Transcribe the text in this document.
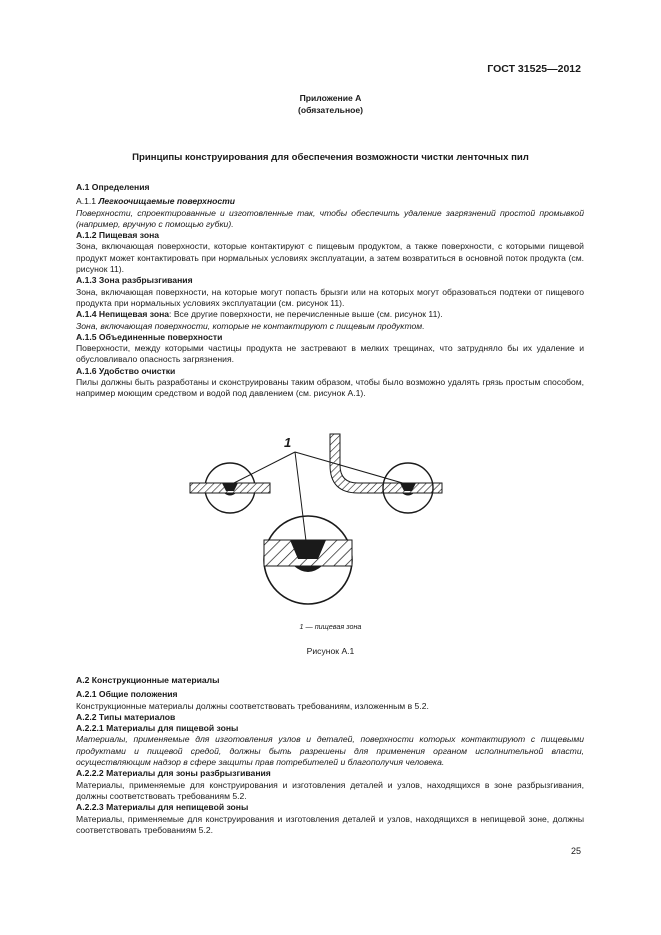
ГОСТ 31525—2012
Приложение А
(обязательное)
Принципы конструирования для обеспечения возможности чистки ленточных пил

А.1 Определения

А.1.1 Легкоочищаемые поверхности

Поверхности, спроектированные и изготовленные так, чтобы обеспечить удаление загрязнений простой промывкой (например, вручную с помощью губки).

А.1.2 Пищевая зона

Зона, включающая поверхности, которые контактируют с пищевым продуктом, а также поверхности, с которыми пищевой продукт может контактировать при нормальных условиях эксплуатации, а затем возвратиться в основной поток продукта (см. рисунок 11).

А.1.3 Зона разбрызгивания

Зона, включающая поверхности, на которые могут попасть брызги или на которых могут образоваться подтеки от пищевого продукта при нормальных условиях эксплуатации (см. рисунок 11).

А.1.4 Непищевая зона: Все другие поверхности, не перечисленные выше (см. рисунок 11).

Зона, включающая поверхности, которые не контактируют с пищевым продуктом.

А.1.5 Объединенные поверхности

Поверхности, между которыми частицы продукта не застревают в мелких трещинах, что затрудняло бы их удаление и обусловливало опасность загрязнения.

А.1.6 Удобство очистки

Пилы должны быть разработаны и сконструированы таким образом, чтобы было возможно удалять грязь простым способом, например моющим средством и водой под давлением (см. рисунок А.1).

1
1 — пищевая зона
Рисунок А.1

А.2 Конструкционные материалы

А.2.1 Общие положения

Конструкционные материалы должны соответствовать требованиям, изложенным в 5.2.

А.2.2 Типы материалов

А.2.2.1 Материалы для пищевой зоны

Материалы, применяемые для изготовления узлов и деталей, поверхности которых контактируют с пищевыми продуктами и пищевой средой, должны быть разрешены для применения органом исполнительной власти, осуществляющим надзор в сфере защиты прав потребителей и благополучия человека.

А.2.2.2 Материалы для зоны разбрызгивания

Материалы, применяемые для конструирования и изготовления деталей и узлов, находящихся в зоне разбрызгивания, должны соответствовать требованиям 5.2.

А.2.2.3 Материалы для непищевой зоны

Материалы, применяемые для конструирования и изготовления деталей и узлов, находящихся в непищевой зоне, должны соответствовать требованиям 5.2.

25
